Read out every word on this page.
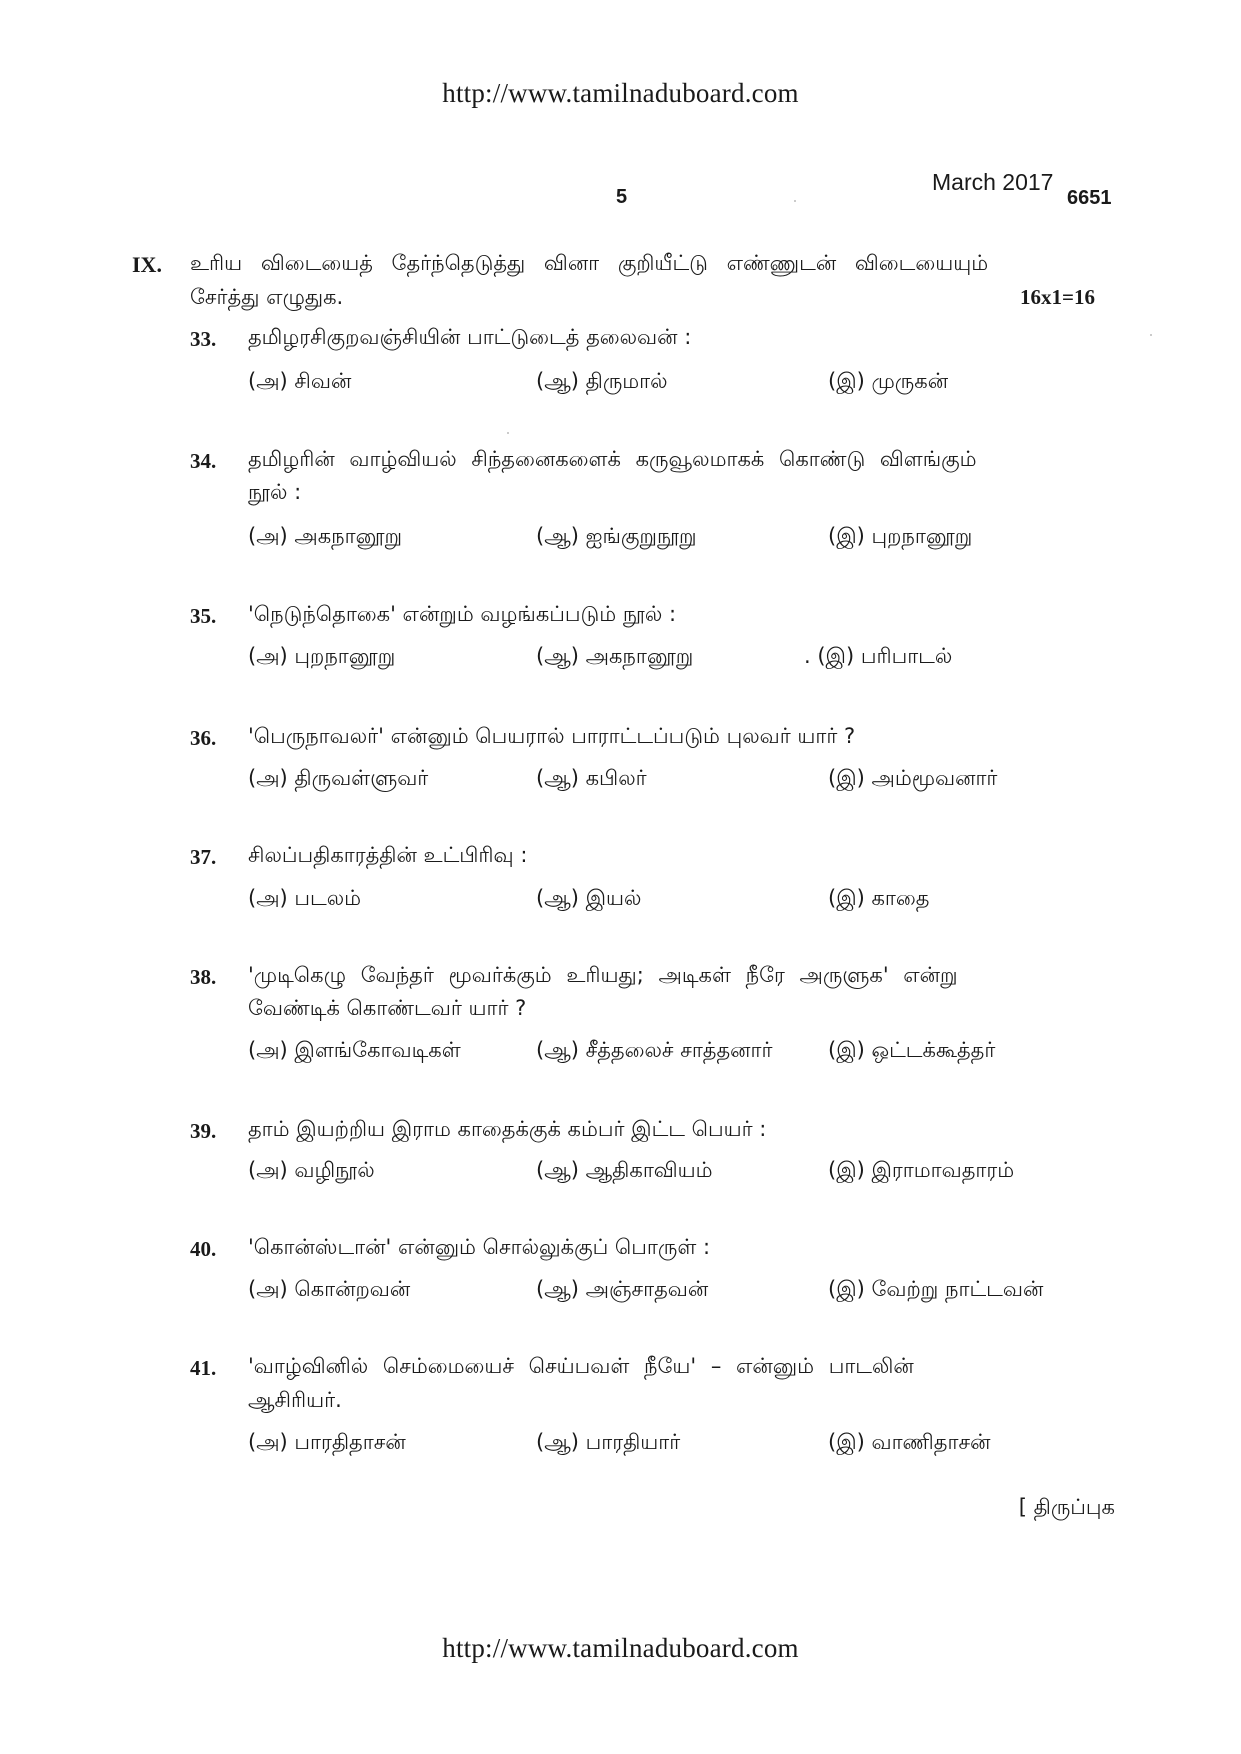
http://www.tamilnaduboard.com
5
March 2017
6651
IX. உரிய விடையைத் தேர்ந்தெடுத்து வினா குறியீட்டு எண்ணுடன் விடையையும்
சேர்த்து எழுதுக.	16x1=16
33. தமிழரசிகுறவஞ்சியின் பாட்டுடைத் தலைவன் :
(அ) சிவன்	(ஆ) திருமால்	(இ) முருகன்
34. தமிழரின் வாழ்வியல் சிந்தனைகளைக் கருவூலமாகக் கொண்டு விளங்கும்
நூல் :
(அ) அகநானூறு	(ஆ) ஐங்குறுநூறு	(இ) புறநானூறு
35. 'நெடுந்தொகை' என்றும் வழங்கப்படும் நூல் :
(அ) புறநானூறு	(ஆ) அகநானூறு	. (இ) பரிபாடல்
36. 'பெருநாவலர்' என்னும் பெயரால் பாராட்டப்படும் புலவர் யார் ?
(அ) திருவள்ளுவர்	(ஆ) கபிலர்	(இ) அம்மூவனார்
37. சிலப்பதிகாரத்தின் உட்பிரிவு :
(அ) படலம்	(ஆ) இயல்	(இ) காதை
38. 'முடிகெழு வேந்தர் மூவர்க்கும் உரியது; அடிகள் நீரே அருளுக' என்று
வேண்டிக் கொண்டவர் யார் ?
(அ) இளங்கோவடிகள்	(ஆ) சீத்தலைச் சாத்தனார்	(இ) ஒட்டக்கூத்தர்
39. தாம் இயற்றிய இராம காதைக்குக் கம்பர் இட்ட பெயர் :
(அ) வழிநூல்	(ஆ) ஆதிகாவியம்	(இ) இராமாவதாரம்
40. 'கொன்ஸ்டான்' என்னும் சொல்லுக்குப் பொருள் :
(அ) கொன்றவன்	(ஆ) அஞ்சாதவன்	(இ) வேற்று நாட்டவன்
41. 'வாழ்வினில் செம்மையைச் செய்பவள் நீயே' – என்னும் பாடலின்
ஆசிரியர்.
(அ) பாரதிதாசன்	(ஆ) பாரதியார்	(இ) வாணிதாசன்
[ திருப்புக
http://www.tamilnaduboard.com
